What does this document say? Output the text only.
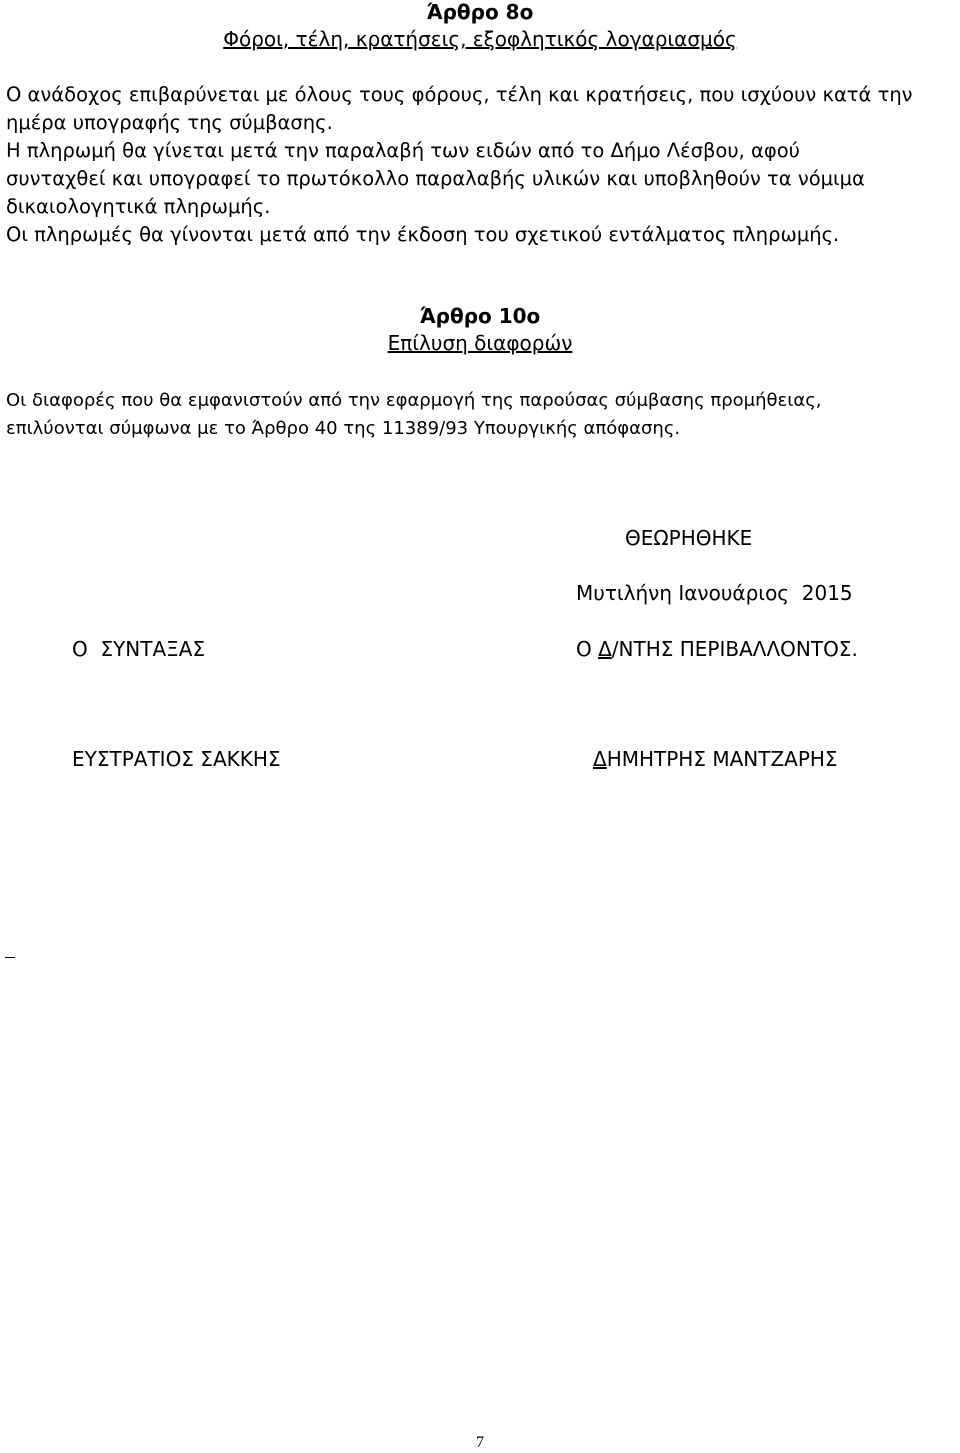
Άρθρο 8ο
Φόροι, τέλη, κρατήσεις, εξοφλητικός λογαριασμός
Ο ανάδοχος επιβαρύνεται με όλους τους φόρους, τέλη και κρατήσεις, που ισχύουν κατά την
ημέρα υπογραφής της σύμβασης.
Η πληρωμή θα γίνεται μετά την παραλαβή των ειδών από το Δήμο Λέσβου, αφού
συνταχθεί και υπογραφεί το πρωτόκολλο παραλαβής υλικών και υποβληθούν τα νόμιμα
δικαιολογητικά πληρωμής.
Οι πληρωμές θα γίνονται μετά από την έκδοση του σχετικού εντάλματος πληρωμής.
Άρθρο 10ο
Επίλυση διαφορών
Οι διαφορές που θα εμφανιστούν από την εφαρμογή της παρούσας σύμβασης προμήθειας,
επιλύονται σύμφωνα με το Άρθρο 40 της 11389/93 Υπουργικής απόφασης.
ΘΕΩΡΗΘΗΚΕ
Μυτιλήνη Ιανουάριος  2015
Ο  ΣΥΝΤΑΞΑΣ	Ο Δ/ΝΤΗΣ ΠΕΡΙΒΑΛΛΟΝΤΟΣ.
ΕΥΣΤΡΑΤΙΟΣ ΣΑΚΚΗΣ	ΔΗΜΗΤΡΗΣ ΜΑΝΤΖΑΡΗΣ
7
